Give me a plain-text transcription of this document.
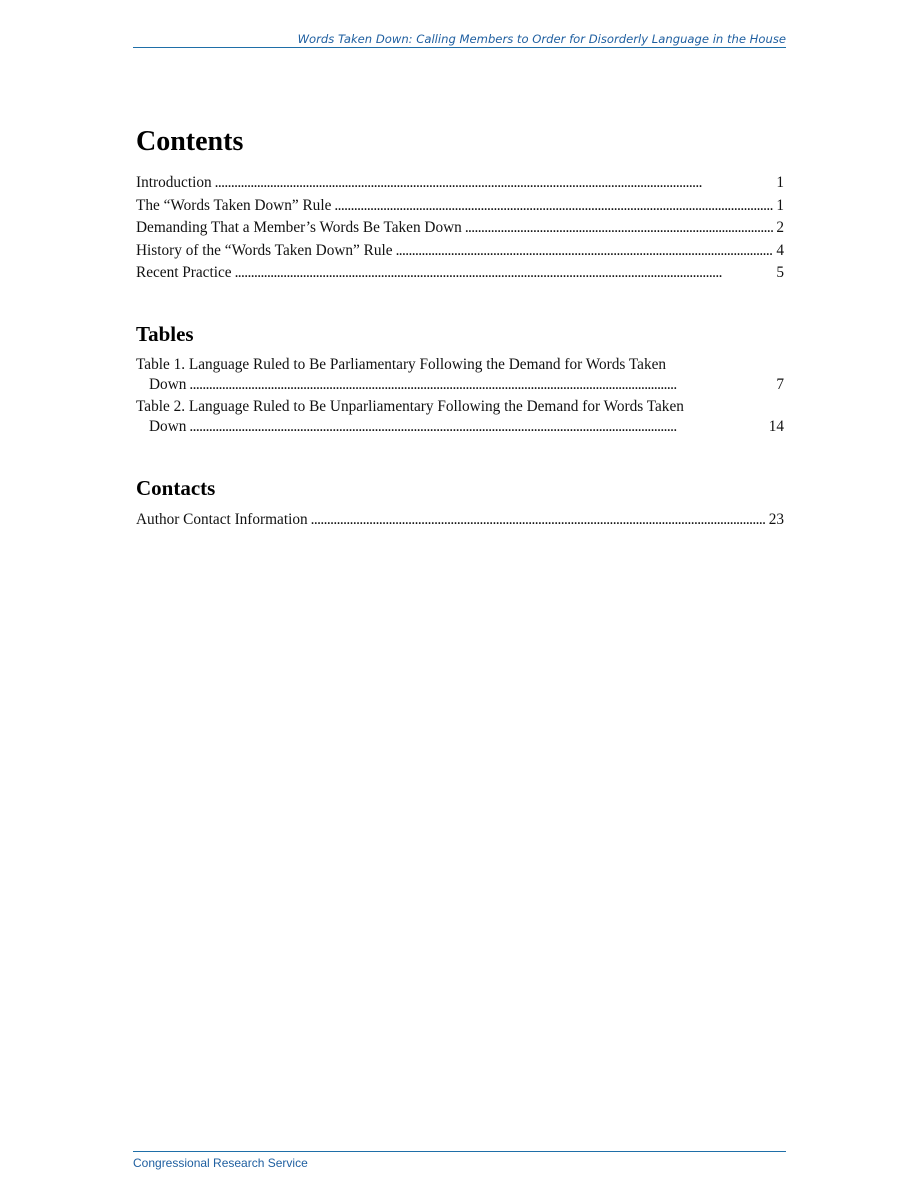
Words Taken Down: Calling Members to Order for Disorderly Language in the House
Contents
Introduction . . .	1
The “Words Taken Down” Rule . . .	1
Demanding That a Member’s Words Be Taken Down . . .	2
History of the “Words Taken Down” Rule . . .	4
Recent Practice . . .	5
Tables
Table 1. Language Ruled to Be Parliamentary Following the Demand for Words Taken
Down . . .	7
Table 2. Language Ruled to Be Unparliamentary Following the Demand for Words Taken
Down . . .	14
Contacts
Author Contact Information . . .	23
Congressional Research Service
